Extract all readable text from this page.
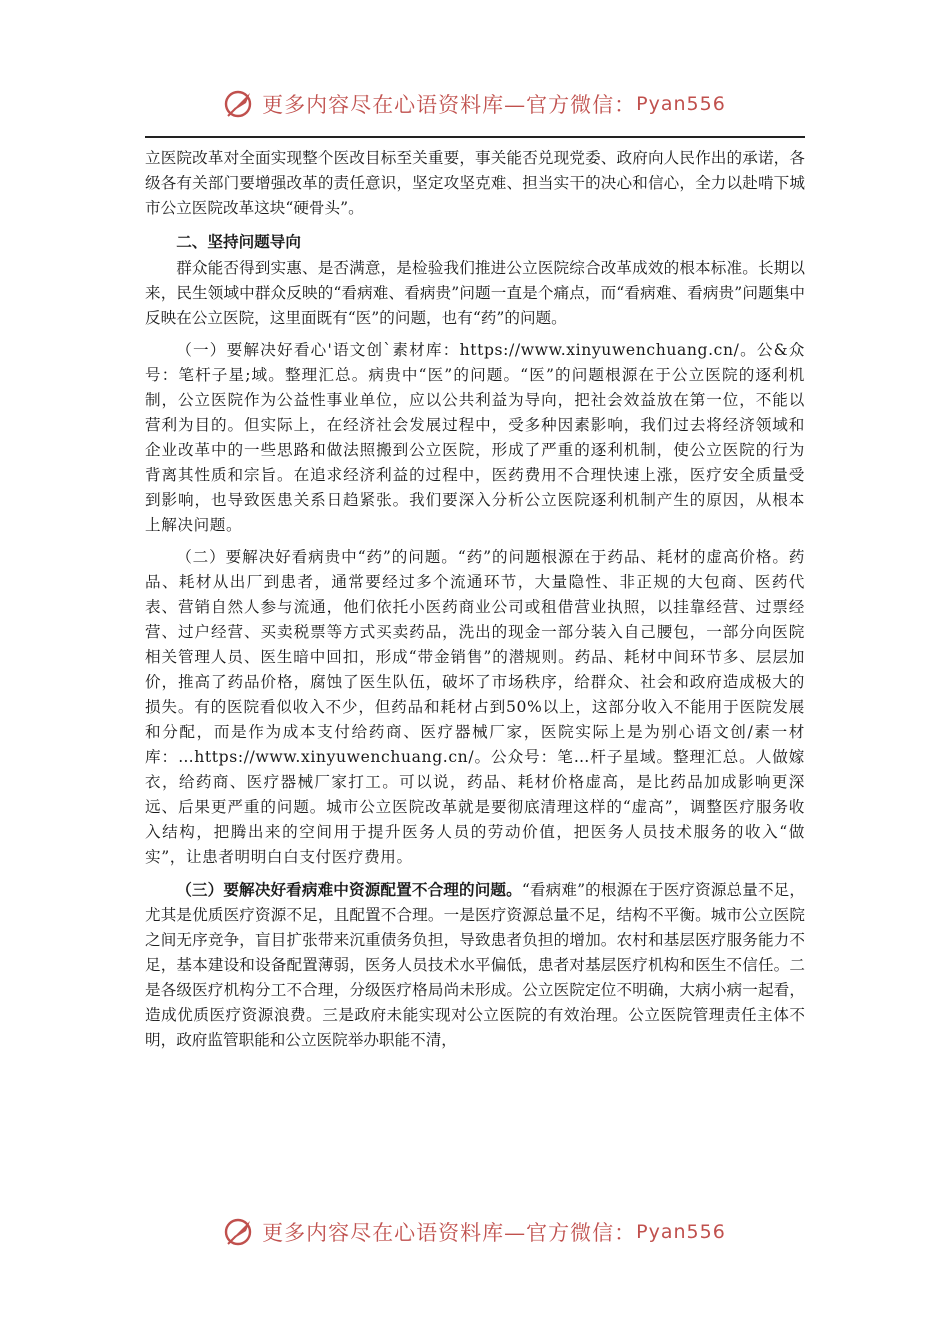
更多内容尽在心语资料库—官方微信： Pyan556

立医院改革对全面实现整个医改目标至关重要，事关能否兑现党委、政府向人民作出的承诺，各级各有关部门要增强改革的责任意识，坚定攻坚克难、担当实干的决心和信心，全力以赴啃下城市公立医院改革这块“硬骨头”。

二、坚持问题导向

群众能否得到实惠、是否满意，是检验我们推进公立医院综合改革成效的根本标准。长期以来，民生领域中群众反映的“看病难、看病贵”问题一直是个痛点，而“看病难、看病贵”问题集中反映在公立医院，这里面既有“医”的问题，也有“药”的问题。

（一）要解决好看心'语文创`素材库：https://www.xinyuwenchuang.cn/。公&众号：笔杆子星;域。整理汇总。病贵中“医”的问题。“医”的问题根源在于公立医院的逐利机制，公立医院作为公益性事业单位，应以公共利益为导向，把社会效益放在第一位，不能以营利为目的。但实际上，在经济社会发展过程中，受多种因素影响，我们过去将经济领域和企业改革中的一些思路和做法照搬到公立医院，形成了严重的逐利机制，使公立医院的行为背离其性质和宗旨。在追求经济利益的过程中，医药费用不合理快速上涨，医疗安全质量受到影响，也导致医患关系日趋紧张。我们要深入分析公立医院逐利机制产生的原因，从根本上解决问题。

（二）要解决好看病贵中“药”的问题。“药”的问题根源在于药品、耗材的虚高价格。药品、耗材从出厂到患者，通常要经过多个流通环节，大量隐性、非正规的大包商、医药代表、营销自然人参与流通，他们依托小医药商业公司或租借营业执照，以挂靠经营、过票经营、过户经营、买卖税票等方式买卖药品，洗出的现金一部分装入自己腰包，一部分向医院相关管理人员、医生暗中回扣，形成“带金销售”的潜规则。药品、耗材中间环节多、层层加价，推高了药品价格，腐蚀了医生队伍，破坏了市场秩序，给群众、社会和政府造成极大的损失。有的医院看似收入不少，但药品和耗材占到50%以上，这部分收入不能用于医院发展和分配，而是作为成本支付给药商、医疗器械厂家，医院实际上是为别心语文创/素一材库：…https://www.xinyuwenchuang.cn/。公众号：笔…杆子星域。整理汇总。人做嫁衣，给药商、医疗器械厂家打工。可以说，药品、耗材价格虚高，是比药品加成影响更深远、后果更严重的问题。城市公立医院改革就是要彻底清理这样的“虚高”，调整医疗服务收入结构，把腾出来的空间用于提升医务人员的劳动价值，把医务人员技术服务的收入“做实”，让患者明明白白支付医疗费用。

（三）要解决好看病难中资源配置不合理的问题。“看病难”的根源在于医疗资源总量不足，尤其是优质医疗资源不足，且配置不合理。一是医疗资源总量不足，结构不平衡。城市公立医院之间无序竞争，盲目扩张带来沉重债务负担，导致患者负担的增加。农村和基层医疗服务能力不足，基本建设和设备配置薄弱，医务人员技术水平偏低，患者对基层医疗机构和医生不信任。二是各级医疗机构分工不合理，分级医疗格局尚未形成。公立医院定位不明确，大病小病一起看，造成优质医疗资源浪费。三是政府未能实现对公立医院的有效治理。公立医院管理责任主体不明，政府监管职能和公立医院举办职能不清，

更多内容尽在心语资料库—官方微信： Pyan556
